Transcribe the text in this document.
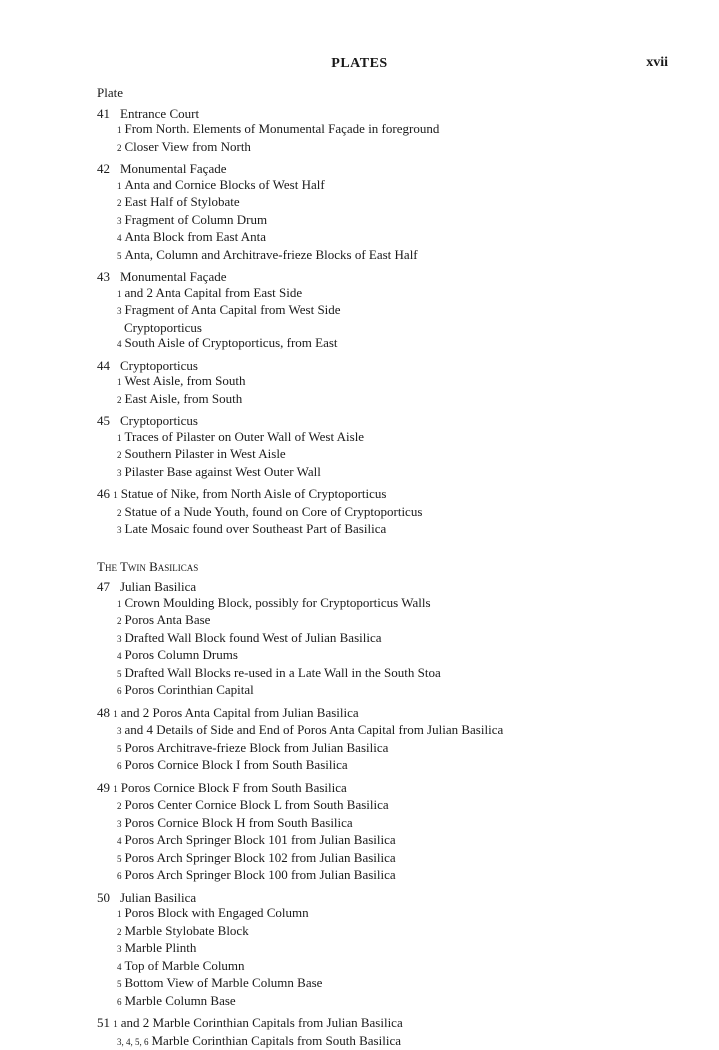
PLATES	xvii
Plate
41 Entrance Court
1 From North. Elements of Monumental Façade in foreground
2 Closer View from North
42 Monumental Façade
1 Anta and Cornice Blocks of West Half
2 East Half of Stylobate
3 Fragment of Column Drum
4 Anta Block from East Anta
5 Anta, Column and Architrave-frieze Blocks of East Half
43 Monumental Façade
1 and 2 Anta Capital from East Side
3 Fragment of Anta Capital from West Side
Cryptoporticus
4 South Aisle of Cryptoporticus, from East
44 Cryptoporticus
1 West Aisle, from South
2 East Aisle, from South
45 Cryptoporticus
1 Traces of Pilaster on Outer Wall of West Aisle
2 Southern Pilaster in West Aisle
3 Pilaster Base against West Outer Wall
46 1 Statue of Nike, from North Aisle of Cryptoporticus
2 Statue of a Nude Youth, found on Core of Cryptoporticus
3 Late Mosaic found over Southeast Part of Basilica
The Twin Basilicas
47 Julian Basilica
1 Crown Moulding Block, possibly for Cryptoporticus Walls
2 Poros Anta Base
3 Drafted Wall Block found West of Julian Basilica
4 Poros Column Drums
5 Drafted Wall Blocks re-used in a Late Wall in the South Stoa
6 Poros Corinthian Capital
48 1 and 2 Poros Anta Capital from Julian Basilica
3 and 4 Details of Side and End of Poros Anta Capital from Julian Basilica
5 Poros Architrave-frieze Block from Julian Basilica
6 Poros Cornice Block I from South Basilica
49 1 Poros Cornice Block F from South Basilica
2 Poros Center Cornice Block L from South Basilica
3 Poros Cornice Block H from South Basilica
4 Poros Arch Springer Block 101 from Julian Basilica
5 Poros Arch Springer Block 102 from Julian Basilica
6 Poros Arch Springer Block 100 from Julian Basilica
50 Julian Basilica
1 Poros Block with Engaged Column
2 Marble Stylobate Block
3 Marble Plinth
4 Top of Marble Column
5 Bottom View of Marble Column Base
6 Marble Column Base
51 1 and 2 Marble Corinthian Capitals from Julian Basilica
3, 4, 5, 6 Marble Corinthian Capitals from South Basilica
